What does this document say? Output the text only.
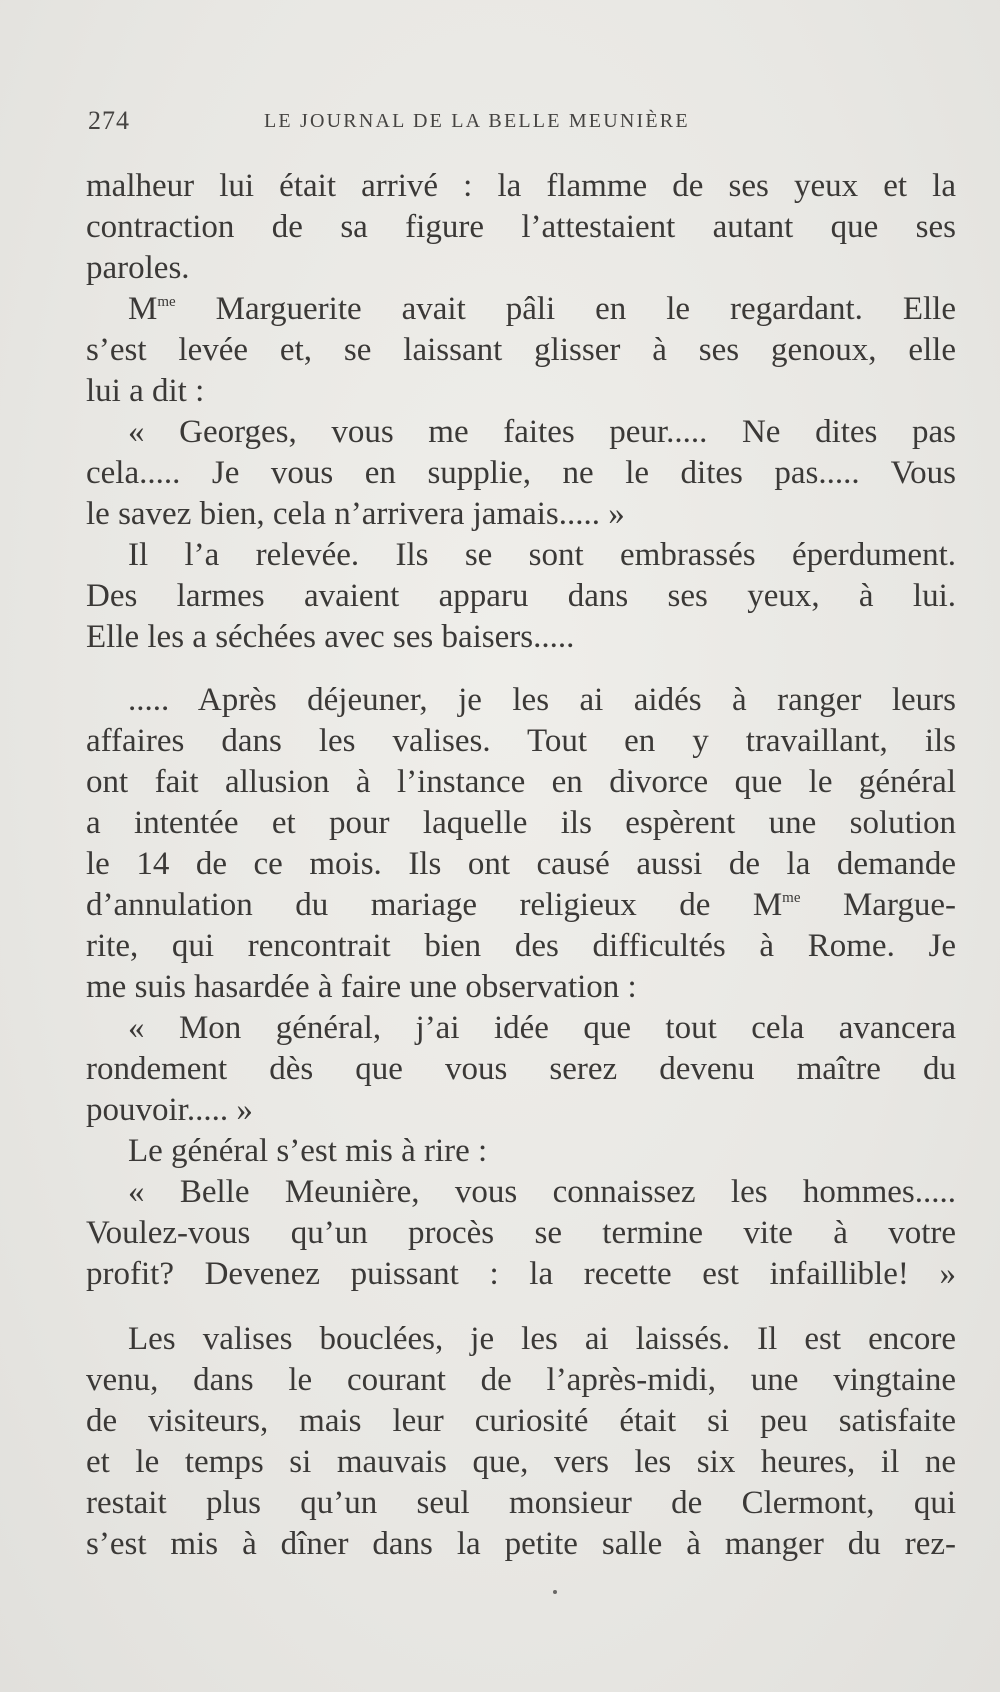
274	LE JOURNAL DE LA BELLE MEUNIÈRE
malheur lui était arrivé : la flamme de ses yeux et la
contraction de sa figure l’attestaient autant que ses
paroles.
$M^{me}$ Marguerite avait pâli en le regardant. Elle
s’est levée et, se laissant glisser à ses genoux, elle
lui a dit :
« Georges, vous me faites peur..... Ne dites pas
cela..... Je vous en supplie, ne le dites pas..... Vous
le savez bien, cela n’arrivera jamais..... »
Il l’a relevée. Ils se sont embrassés éperdument.
Des larmes avaient apparu dans ses yeux, à lui.
Elle les a séchées avec ses baisers.....
..... Après déjeuner, je les ai aidés à ranger leurs
affaires dans les valises. Tout en y travaillant, ils
ont fait allusion à l’instance en divorce que le général
a intentée et pour laquelle ils espèrent une solution
le 14 de ce mois. Ils ont causé aussi de la demande
d’annulation du mariage religieux de $M^{me}$ Margue-
rite, qui rencontrait bien des difficultés à Rome. Je
me suis hasardée à faire une observation :
« Mon général, j’ai idée que tout cela avancera
rondement dès que vous serez devenu maître du
pouvoir..... »
Le général s’est mis à rire :
« Belle Meunière, vous connaissez les hommes.....
Voulez-vous qu’un procès se termine vite à votre
profit? Devenez puissant : la recette est infaillible! »
Les valises bouclées, je les ai laissés. Il est encore
venu, dans le courant de l’après-midi, une vingtaine
de visiteurs, mais leur curiosité était si peu satisfaite
et le temps si mauvais que, vers les six heures, il ne
restait plus qu’un seul monsieur de Clermont, qui
s’est mis à dîner dans la petite salle à manger du rez-
